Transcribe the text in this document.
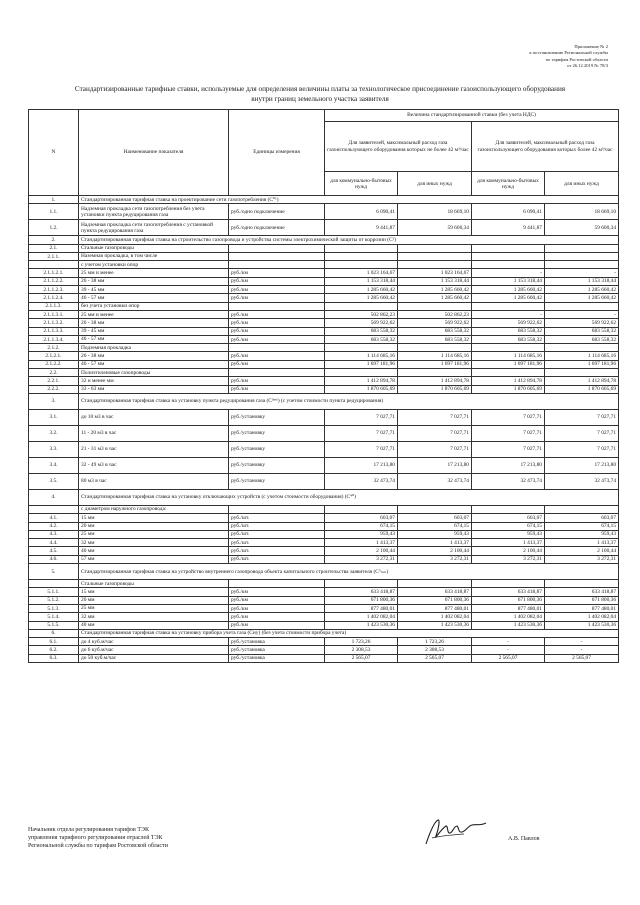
Приложение № 2
к постановлению Региональной службы
по тарифам Ростовской области
от 26.12.2019 № 78/3
Стандартизированные тарифные ставки, используемые для определения величины платы за технологическое присоединение газоиспользующего оборудования
внутри границ земельного участка заявителя
N	Наименование показателя	Единицы измерения	Величина стандартизированной ставки (без учета НДС)			
			Для заявителей, максимальный расход газа газоиспользующего оборудования которых не более 42 м³/час		Для заявителей, максимальный расход газа газоиспользующего оборудования которых более 42 м³/час	
			для коммунально-бытовых нужд	для иных нужд	для коммунально-бытовых нужд	для иных нужд
1.	Стандартизированная тарифная ставка на проектирование сети газопотребления (С⁰¹)					
1.1.	Надземная прокладка сети газопотребления без учета установки пункта редуцирования газа	руб./одно подключение	6 090,41	18 669,10	6 090,41	18 669,10
1.2.	Надземная прокладка сети газопотребления с установкой пункта редуцирования газа	руб./одно подключение	9 441,87	59 600,34	9 441,87	59 600,34
2.	Стандартизированная тарифная ставка на строительство газопровода и устройства системы электрохимической защиты от коррозии (С²)					
2.1.	Стальные газопроводы					
2.1.1.	Наземная прокладка, в том числе					
	с учетом установки опор					
2.1.1.2.1.	25 мм и менее	руб./км	1 023 164,67	1 023 164,67	-	-
2.1.1.2.2.	26 - 38 мм	руб./км	1 153 318,44	1 153 318,44	1 153 318,44	1 153 318,44
2.1.1.2.3.	39 - 45 мм	руб./км	1 285 660,42	1 285 660,42	1 285 660,42	1 285 660,42
2.1.1.2.4.	46 - 57 мм	руб./км	1 285 660,42	1 285 660,42	1 285 660,42	1 285 660,42
2.1.1.3.	без учета установки опор					
2.1.1.3.1.	25 мм и менее	руб./км	502 862,23	502 862,23	-	-
2.1.1.3.2.	26 - 38 мм	руб./км	569 922,62	569 922,62	569 922,62	569 922,62
2.1.1.3.3.	39 - 45 мм	руб./км	683 558,32	683 558,32	683 558,32	683 558,32
2.1.1.3.4.	46 - 57 мм	руб./км	683 558,32	683 558,32	683 558,32	683 558,32
2.1.2.	Подземная прокладка					
2.1.2.1.	26 - 38 мм	руб./км	1 114 685,16	1 114 685,16	1 114 685,16	1 114 685,16
2.1.2.2.	46 - 57 мм	руб./км	1 697 181,96	1 697 181,96	1 697 181,96	1 697 181,96
2.2.	Полиэтиленовые газопроводы					
2.2.1.	32 и менее мм	руб./км	1 412 894,78	1 412 894,78	1 412 894,78	1 412 894,78
2.2.2.	33 - 63 мм	руб./км	1 870 605,69	1 870 605,69	1 870 605,69	1 870 605,69
3.	Стандартизированная тарифная ставка на установку пункта редуцирования газа (С³ᵐᵏ) (с учетом стоимости пункта редуцирования)					
3.1.	до 10 м3 в час	руб./установку	7 027,71	7 027,71	7 027,71	7 027,71
3.2.	11 - 20 м3 в час	руб./установку	7 027,71	7 027,71	7 027,71	7 027,71
3.3.	21 - 31 м3 в час	руб./установку	7 027,71	7 027,71	7 027,71	7 027,71
3.4.	32 - 49 м3 в час	руб./установку	17 213,80	17 213,80	17 213,80	17 213,80
3.5.	80 м3 в час	руб./установку	32 473,74	32 473,74	32 473,74	32 473,74
4.	Стандартизированная тарифная ставка на установку отключающих устройств (с учетом стоимости оборудования) (С⁴⁰)					
	с диаметром наружного газопровода:					
4.1.	15 мм	руб./шт.	603,07	603,07	603,07	603,07
4.2.	20 мм	руб./шт.	674,15	674,15	674,15	674,15
4.3.	25 мм	руб./шт.	959,43	959,43	959,43	959,43
4.4.	32 мм	руб./шт.	1 413,37	1 413,37	1 413,37	1 413,37
4.5.	40 мм	руб./шт.	2 100,44	2 100,44	2 100,44	2 100,44
4.6.	57 мм	руб./шт.	3 272,31	3 272,31	3 272,31	3 272,31
5.	Стандартизированная тарифная ставка на устройство внутреннего газопровода объекта капитального строительства заявителя (С⁵ₘₙ)					
	Стальные газопроводы					
5.1.1.	15 мм	руб./км	633 418,87	633 418,87	633 418,87	633 418,87
5.1.2.	20 мм	руб./км	671 800,36	671 800,36	671 800,36	671 800,36
5.1.3.	25 мм	руб./км	877 480,01	877 480,01	877 480,01	877 480,01
5.1.4.	32 мм	руб./км	1 402 082,04	1 402 082,04	1 402 082,04	1 402 082,04
5.1.5.	40 мм	руб./км	1 423 530,36	1 423 530,36	1 423 530,36	1 423 530,36
6.	Стандартизированная тарифная ставка на установку прибора учета газа (Сну) (без учета стоимости прибора учета)					
6.1.	до 4 куб.м/час	руб./установка	1 723,26	1 723,26	-	-
6.2.	до 6 куб.м/час	руб./установка	2 308,53	2 308,53	-	-
6.3.	до 50 куб.м/час	руб./установка	2 565,07	2 565,07	2 565,07	2 565,07
Начальник отдела регулирования тарифов ТЭК
управления тарифного регулирования отраслей ТЭК
Региональной службы по тарифам Ростовской области
А.В. Павлов
